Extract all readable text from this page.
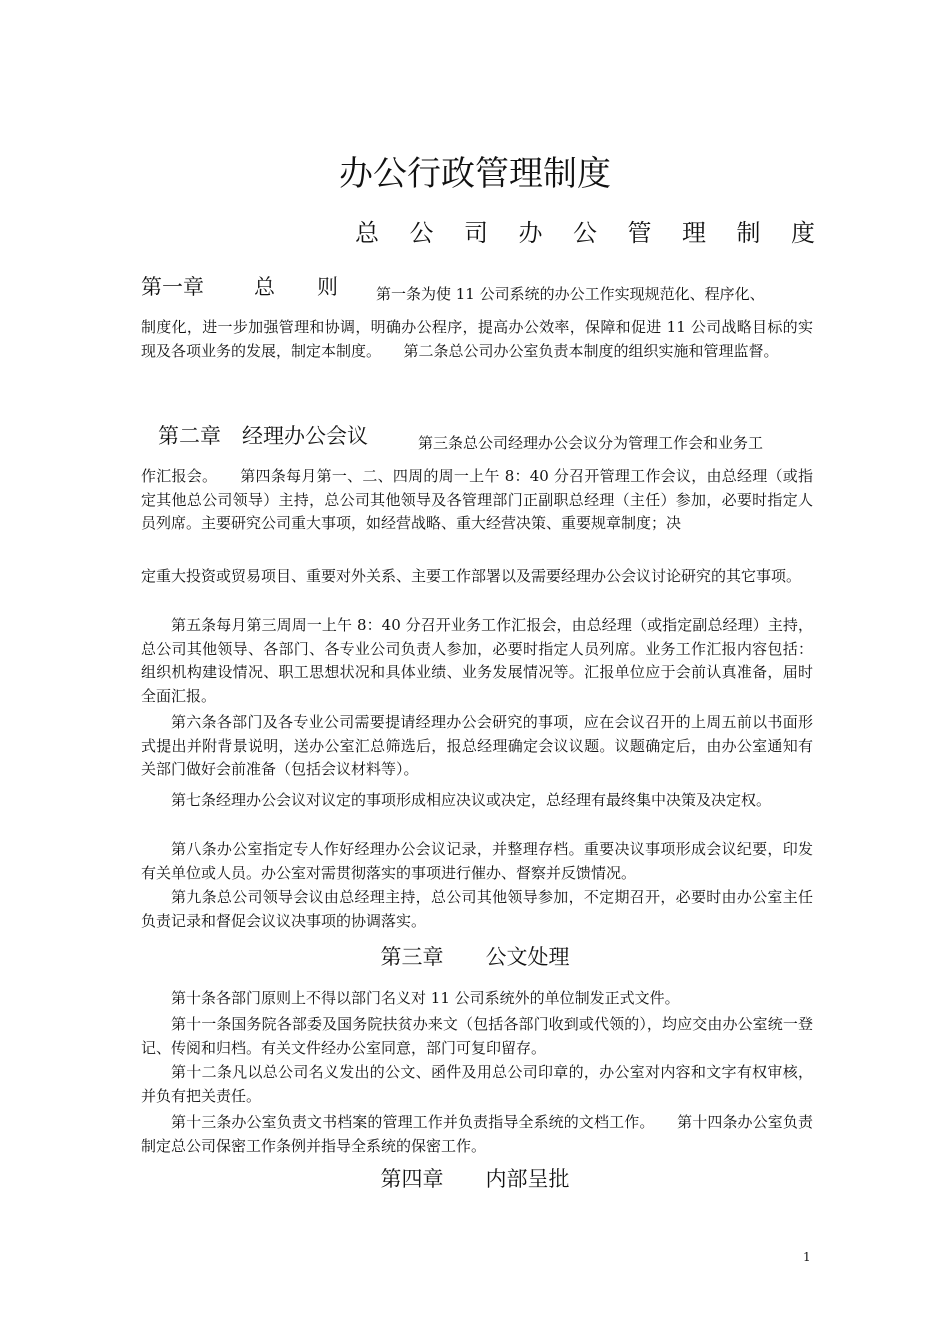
办公行政管理制度
总 公 司 办 公 管 理 制 度
第一章 总 则	第一条为使 11 公司系统的办公工作实现规范化、程序化、
制度化，进一步加强管理和协调，明确办公程序，提高办公效率，保障和促进 11 公司战略目标的实现及各项业务的发展，制定本制度。　　第二条总公司办公室负责本制度的组织实施和管理监督。
第二章　经理办公会议	第三条总公司经理办公会议分为管理工作会和业务工
作汇报会。　　第四条每月第一、二、四周的周一上午 8：40 分召开管理工作会议，由总经理（或指定其他总公司领导）主持，总公司其他领导及各管理部门正副职总经理（主任）参加，必要时指定人员列席。主要研究公司重大事项，如经营战略、重大经营决策、重要规章制度；决
定重大投资或贸易项目、重要对外关系、主要工作部署以及需要经理办公会议讨论研究的其它事项。
第五条每月第三周周一上午 8：40 分召开业务工作汇报会，由总经理（或指定副总经理）主持，总公司其他领导、各部门、各专业公司负责人参加，必要时指定人员列席。业务工作汇报内容包括：组织机构建设情况、职工思想状况和具体业绩、业务发展情况等。汇报单位应于会前认真准备，届时全面汇报。
第六条各部门及各专业公司需要提请经理办公会研究的事项，应在会议召开的上周五前以书面形式提出并附背景说明，送办公室汇总筛选后，报总经理确定会议议题。议题确定后，由办公室通知有关部门做好会前准备（包括会议材料等）。
第七条经理办公会议对议定的事项形成相应决议或决定，总经理有最终集中决策及决定权。
第八条办公室指定专人作好经理办公会议记录，并整理存档。重要决议事项形成会议纪要，印发有关单位或人员。办公室对需贯彻落实的事项进行催办、督察并反馈情况。
第九条总公司领导会议由总经理主持，总公司其他领导参加，不定期召开，必要时由办公室主任负责记录和督促会议议决事项的协调落实。
第三章　　公文处理
第十条各部门原则上不得以部门名义对 11 公司系统外的单位制发正式文件。
第十一条国务院各部委及国务院扶贫办来文（包括各部门收到或代领的），均应交由办公室统一登记、传阅和归档。有关文件经办公室同意，部门可复印留存。
第十二条凡以总公司名义发出的公文、函件及用总公司印章的，办公室对内容和文字有权审核，并负有把关责任。
第十三条办公室负责文书档案的管理工作并负责指导全系统的文档工作。　　第十四条办公室负责制定总公司保密工作条例并指导全系统的保密工作。
第四章　　内部呈批
1
